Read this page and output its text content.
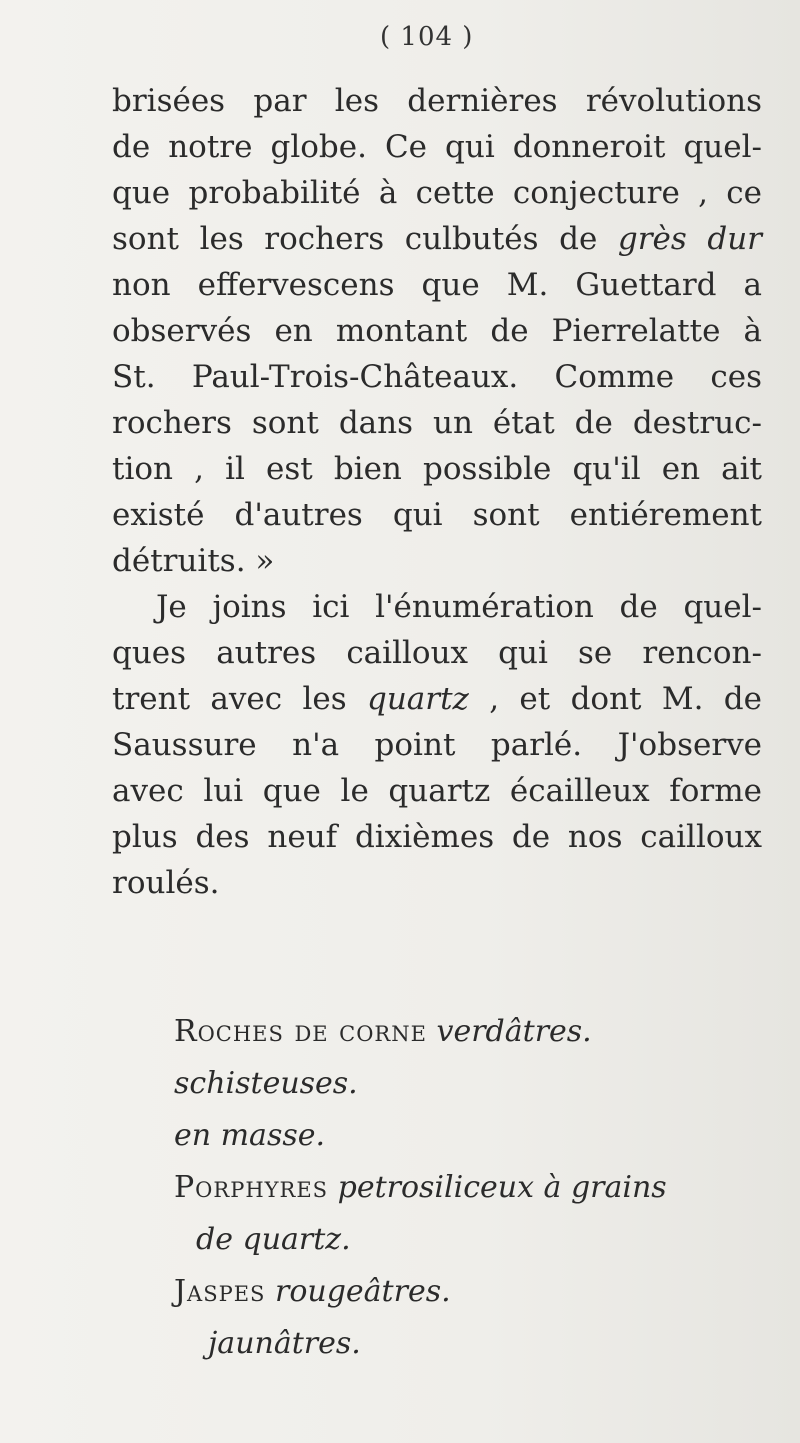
( 104 )
brisées par les dernières révolutions
de notre globe. Ce qui donneroit quel-
que probabilité à cette conjecture , ce
sont les rochers culbutés de grès dur
non effervescens que M. Guettard a
observés en montant de Pierrelatte à
St. Paul-Trois-Châteaux. Comme ces
rochers sont dans un état de destruc-
tion , il est bien possible qu'il en ait
existé d'autres qui sont entiérement
détruits. »
Je joins ici l'énumération de quel-
ques autres cailloux qui se rencon-
trent avec les quartz , et dont M. de
Saussure n'a point parlé. J'observe
avec lui que le quartz écailleux forme
plus des neuf dixièmes de nos cailloux
roulés.
Roches de corne verdâtres.
schisteuses.
en masse.
Porphyres petrosiliceux à grains
de quartz.
Jaspes rougeâtres.
jaunâtres.
